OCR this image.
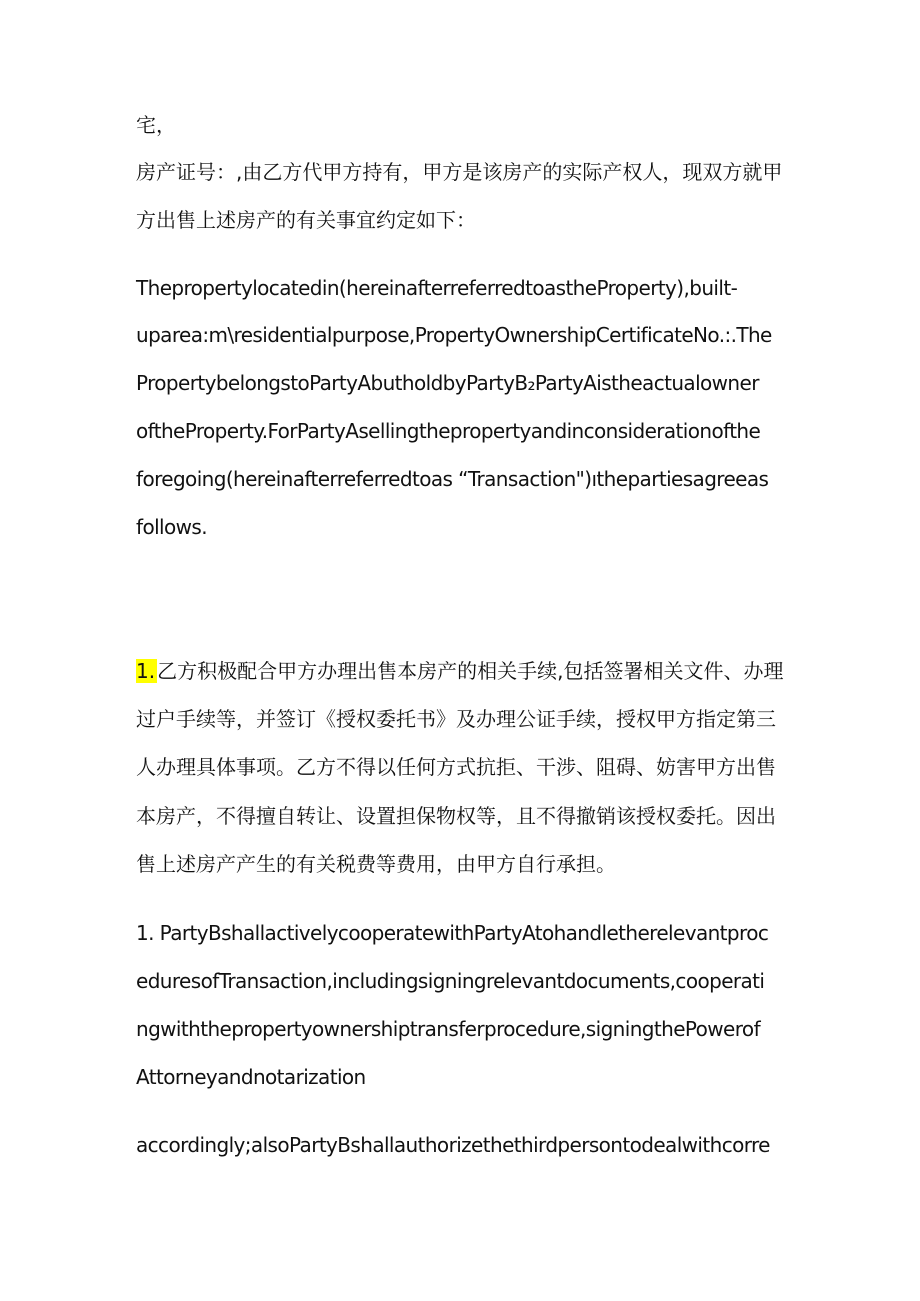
宅，
房产证号：,由乙方代甲方持有，甲方是该房产的实际产权人，现双方就甲
方出售上述房产的有关事宜约定如下：
Thepropertylocatedin(hereinafterreferredtoastheProperty),built-
uparea:m\residentialpurpose,PropertyOwnershipCertificateNo.:.The
PropertybelongstoPartyAbutholdbyPartyB₂PartyAistheactualowner
oftheProperty.ForPartyAsellingthepropertyandinconsiderationofthe
foregoing(hereinafterreferredtoas “Transaction")ıthepartiesagreeas
follows.
1. 乙方积极配合甲方办理出售本房产的相关手续,包括签署相关文件、办理
过户手续等，并签订《授权委托书》及办理公证手续，授权甲方指定第三
人办理具体事项。乙方不得以任何方式抗拒、干涉、阻碍、妨害甲方出售
本房产，不得擅自转让、设置担保物权等，且不得撤销该授权委托。因出
售上述房产产生的有关税费等费用，由甲方自行承担。
1. PartyBshallactivelycooperatewithPartyAtohandletherelevantproc
eduresofTransaction,includingsigningrelevantdocuments,cooperati
ngwiththepropertyownershiptransferprocedure,signingthePowerof
Attorneyandnotarization
accordingly;alsoPartyBshallauthorizethethirdpersontodealwithcorre
